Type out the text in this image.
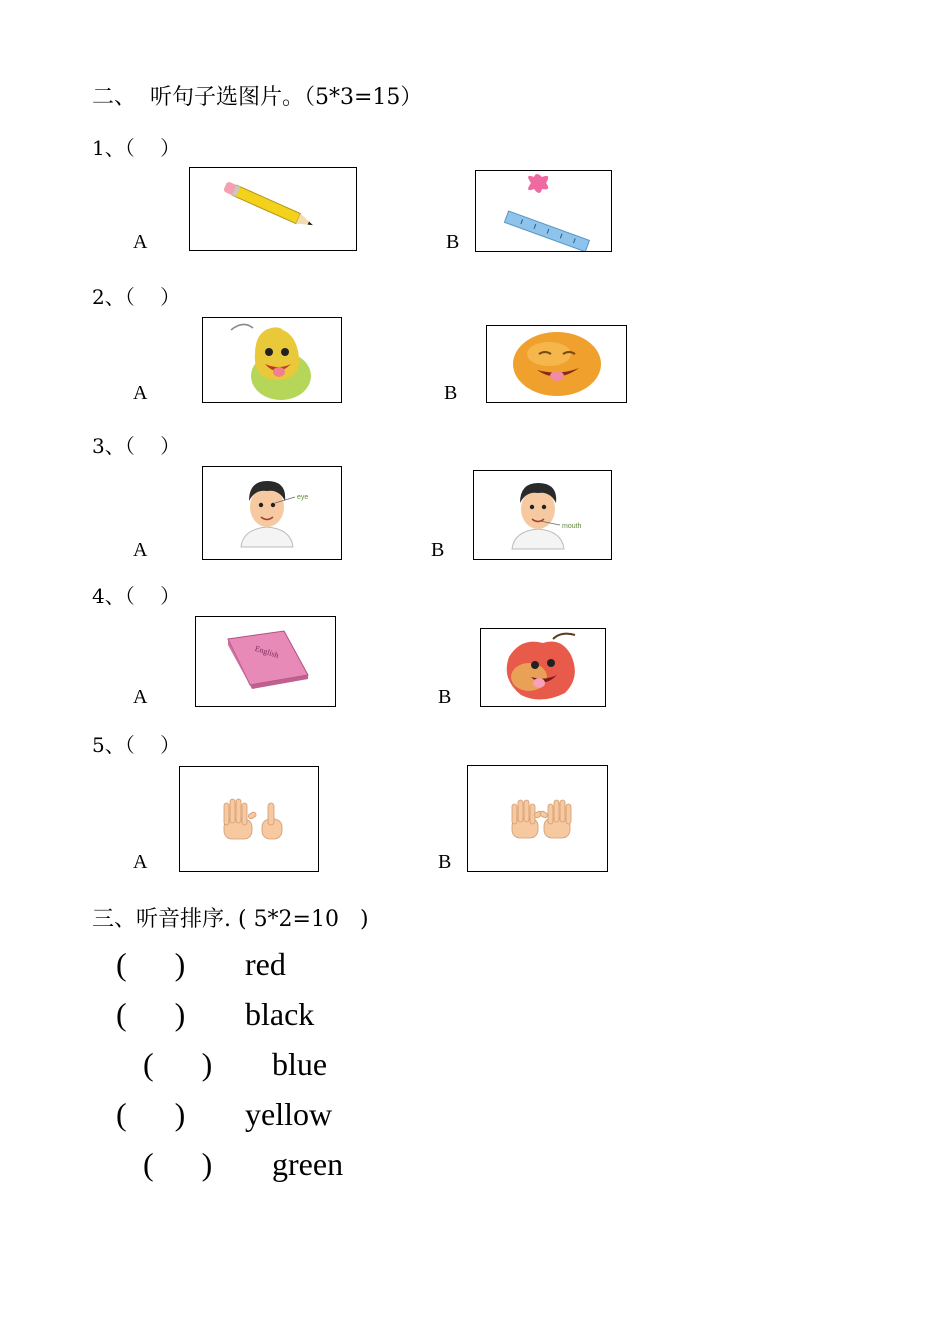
二、  听句子选图片。（5*3=15）
1、（    ）
A	B
2、（    ）
A	B
3、（    ）
A
eye
B
mouth
4、（    ）
A
English
B
5、（    ）
A	B
三、听音排序. ( 5*2=10   )
(      ) red
(      ) black
(      ) blue
(      ) yellow
(      ) green
